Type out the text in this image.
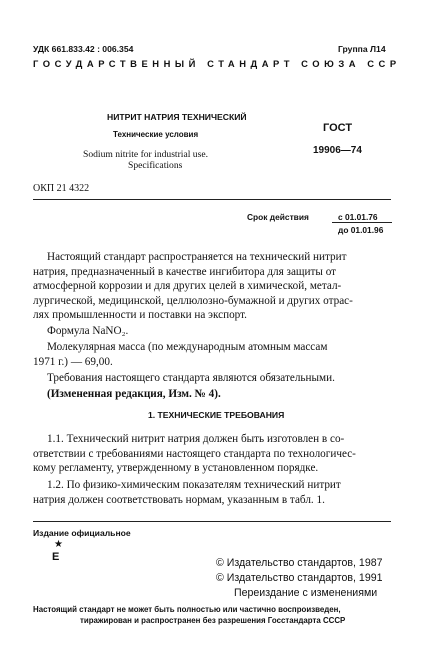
УДК 661.833.42 : 006.354	Группа Л14
ГОСУДАРСТВЕННЫЙ СТАНДАРТ СОЮЗА ССР
НИТРИТ НАТРИЯ ТЕХНИЧЕСКИЙ
Технические условия
Sodium nitrite for industrial use.
Specifications
ГОСТ
19906—74
ОКП 21 4322
Срок действия	с 01.01.76
до 01.01.96
Настоящий стандарт распространяется на технический нитрит
натрия, предназначенный в качестве ингибитора для защиты от
атмосферной коррозии и для других целей в химической, метал-
лургической, медицинской, целлюлозно-бумажной и других отрас-
лях промышленности и поставки на экспорт.
Формула NaNO₂.
Молекулярная масса (по международным атомным массам
1971 г.) — 69,00.
Требования настоящего стандарта являются обязательными.
(Измененная редакция, Изм. № 4).
1. ТЕХНИЧЕСКИЕ ТРЕБОВАНИЯ
1.1. Технический нитрит натрия должен быть изготовлен в со-
ответствии с требованиями настоящего стандарта по технологичес-
кому регламенту, утвержденному в установленном порядке.
1.2. По физико-химическим показателям технический нитрит
натрия должен соответствовать нормам, указанным в табл. 1.
Издание официальное
★
E	© Издательство стандартов, 1987
© Издательство стандартов, 1991
Переиздание с изменениями
Настоящий стандарт не может быть полностью или частично воспроизведен,
тиражирован и распространен без разрешения Госстандарта СССР
